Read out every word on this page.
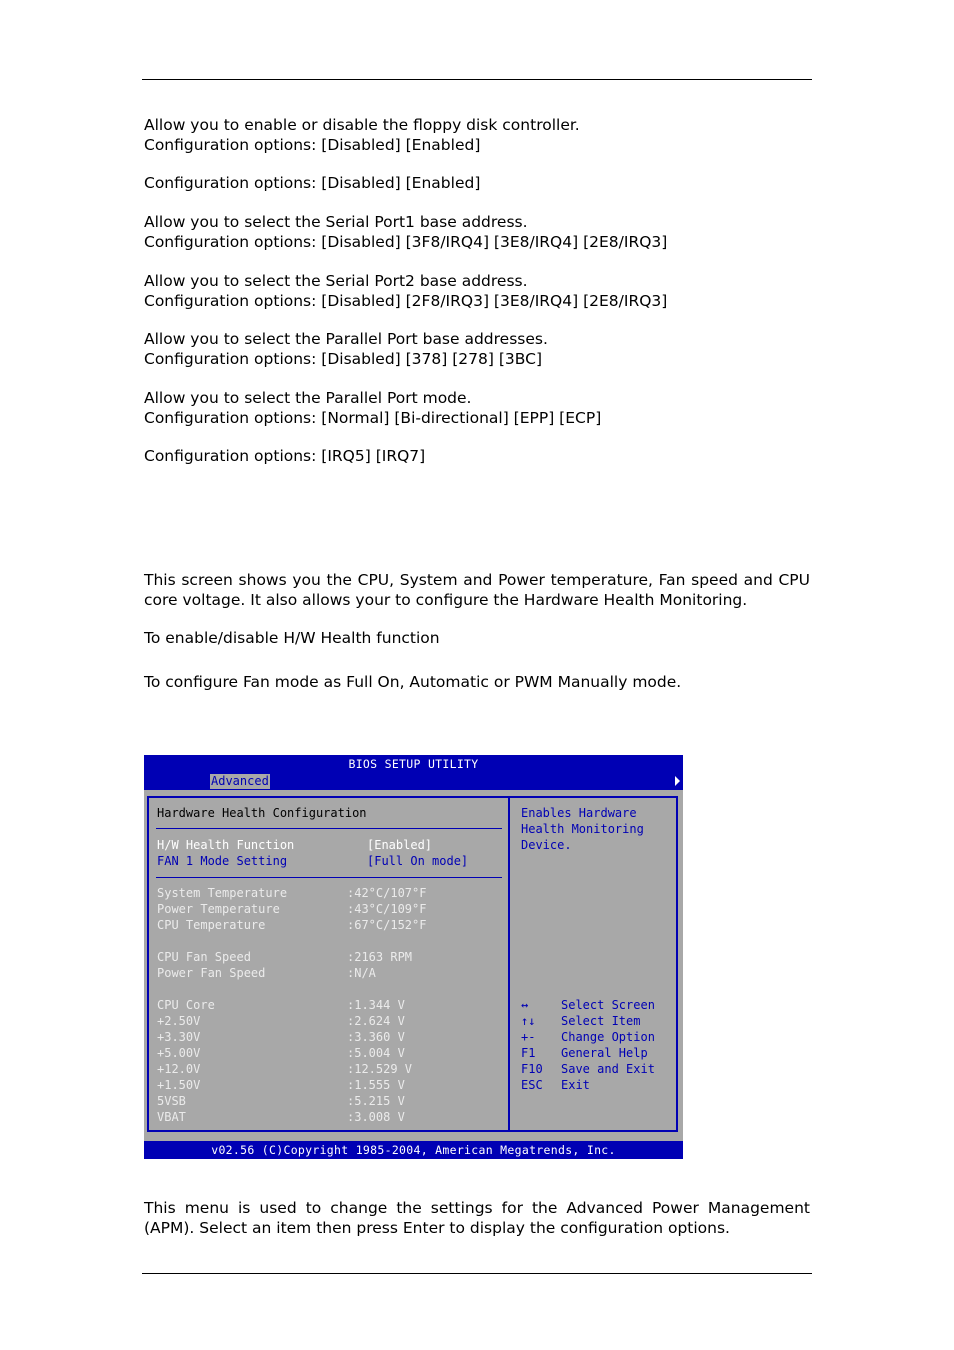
Allow you to enable or disable the floppy disk controller.
Configuration options: [Disabled] [Enabled]
Configuration options: [Disabled] [Enabled]
Allow you to select the Serial Port1 base address.
Configuration options: [Disabled] [3F8/IRQ4] [3E8/IRQ4] [2E8/IRQ3]
Allow you to select the Serial Port2 base address.
Configuration options: [Disabled] [2F8/IRQ3] [3E8/IRQ4] [2E8/IRQ3]
Allow you to select the Parallel Port base addresses.
Configuration options: [Disabled] [378] [278] [3BC]
Allow you to select the Parallel Port mode.
Configuration options: [Normal] [Bi-directional] [EPP] [ECP]
Configuration options: [IRQ5] [IRQ7]

This screen shows you the CPU, System and Power temperature, Fan speed and CPU core voltage. It also allows your to configure the Hardware Health Monitoring.

To enable/disable H/W Health function
To configure Fan mode as Full On, Automatic or PWM Manually mode.
BIOS SETUP UTILITY
Advanced
Hardware Health Configuration
H/W Health Function	[Enabled]
FAN 1 Mode Setting	[Full On mode]
System Temperature	:42°C/107°F
Power Temperature	:43°C/109°F
CPU Temperature	:67°C/152°F
CPU Fan Speed	:2163 RPM
Power Fan Speed	:N/A
CPU Core	:1.344 V
+2.50V	:2.624 V
+3.30V	:3.360 V
+5.00V	:5.004 V
+12.0V	:12.529 V
+1.50V	:1.555 V
5VSB	:5.215 V
VBAT	:3.008 V
Enables Hardware
Health Monitoring
Device.
↔	Select Screen
↑↓ Select Item
+- Change Option
F1 General Help
F10 Save and Exit
ESC Exit
v02.56 (C)Copyright 1985-2004, American Megatrends, Inc.

This menu is used to change the settings for the Advanced Power Management (APM). Select an item then press Enter to display the configuration options.
